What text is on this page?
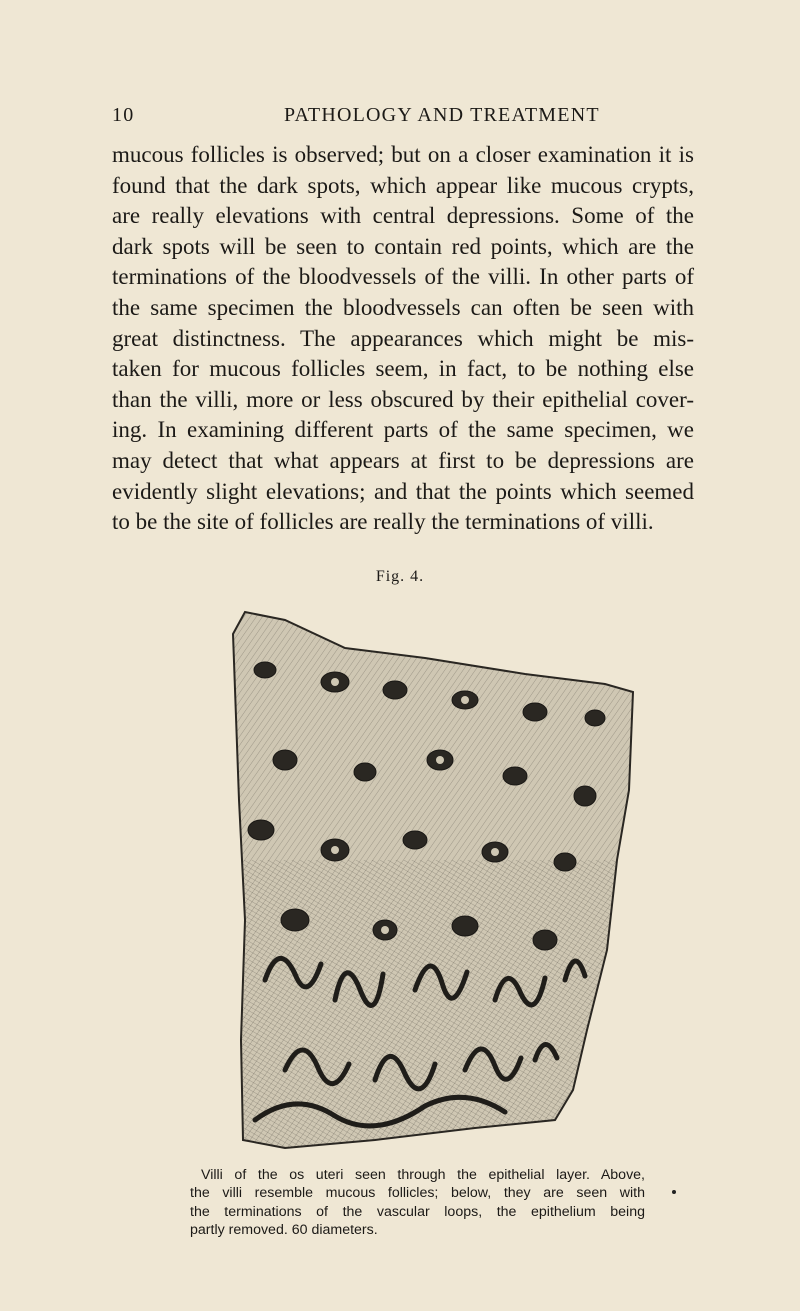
10	PATHOLOGY AND TREATMENT
mucous follicles is observed; but on a closer examination it is
found that the dark spots, which appear like mucous crypts,
are really elevations with central depressions. Some of the
dark spots will be seen to contain red points, which are the
terminations of the bloodvessels of the villi. In other parts of
the same specimen the bloodvessels can often be seen with
great distinctness. The appearances which might be mis-
taken for mucous follicles seem, in fact, to be nothing else
than the villi, more or less obscured by their epithelial cover-
ing. In examining different parts of the same specimen, we
may detect that what appears at first to be depressions are
evidently slight elevations; and that the points which seemed
to be the site of follicles are really the terminations of villi.
Fig. 4.
Villi of the os uteri seen through the epithelial layer. Above,
the villi resemble mucous follicles; below, they are seen with
the terminations of the vascular loops, the epithelium being
partly removed. 60 diameters.
